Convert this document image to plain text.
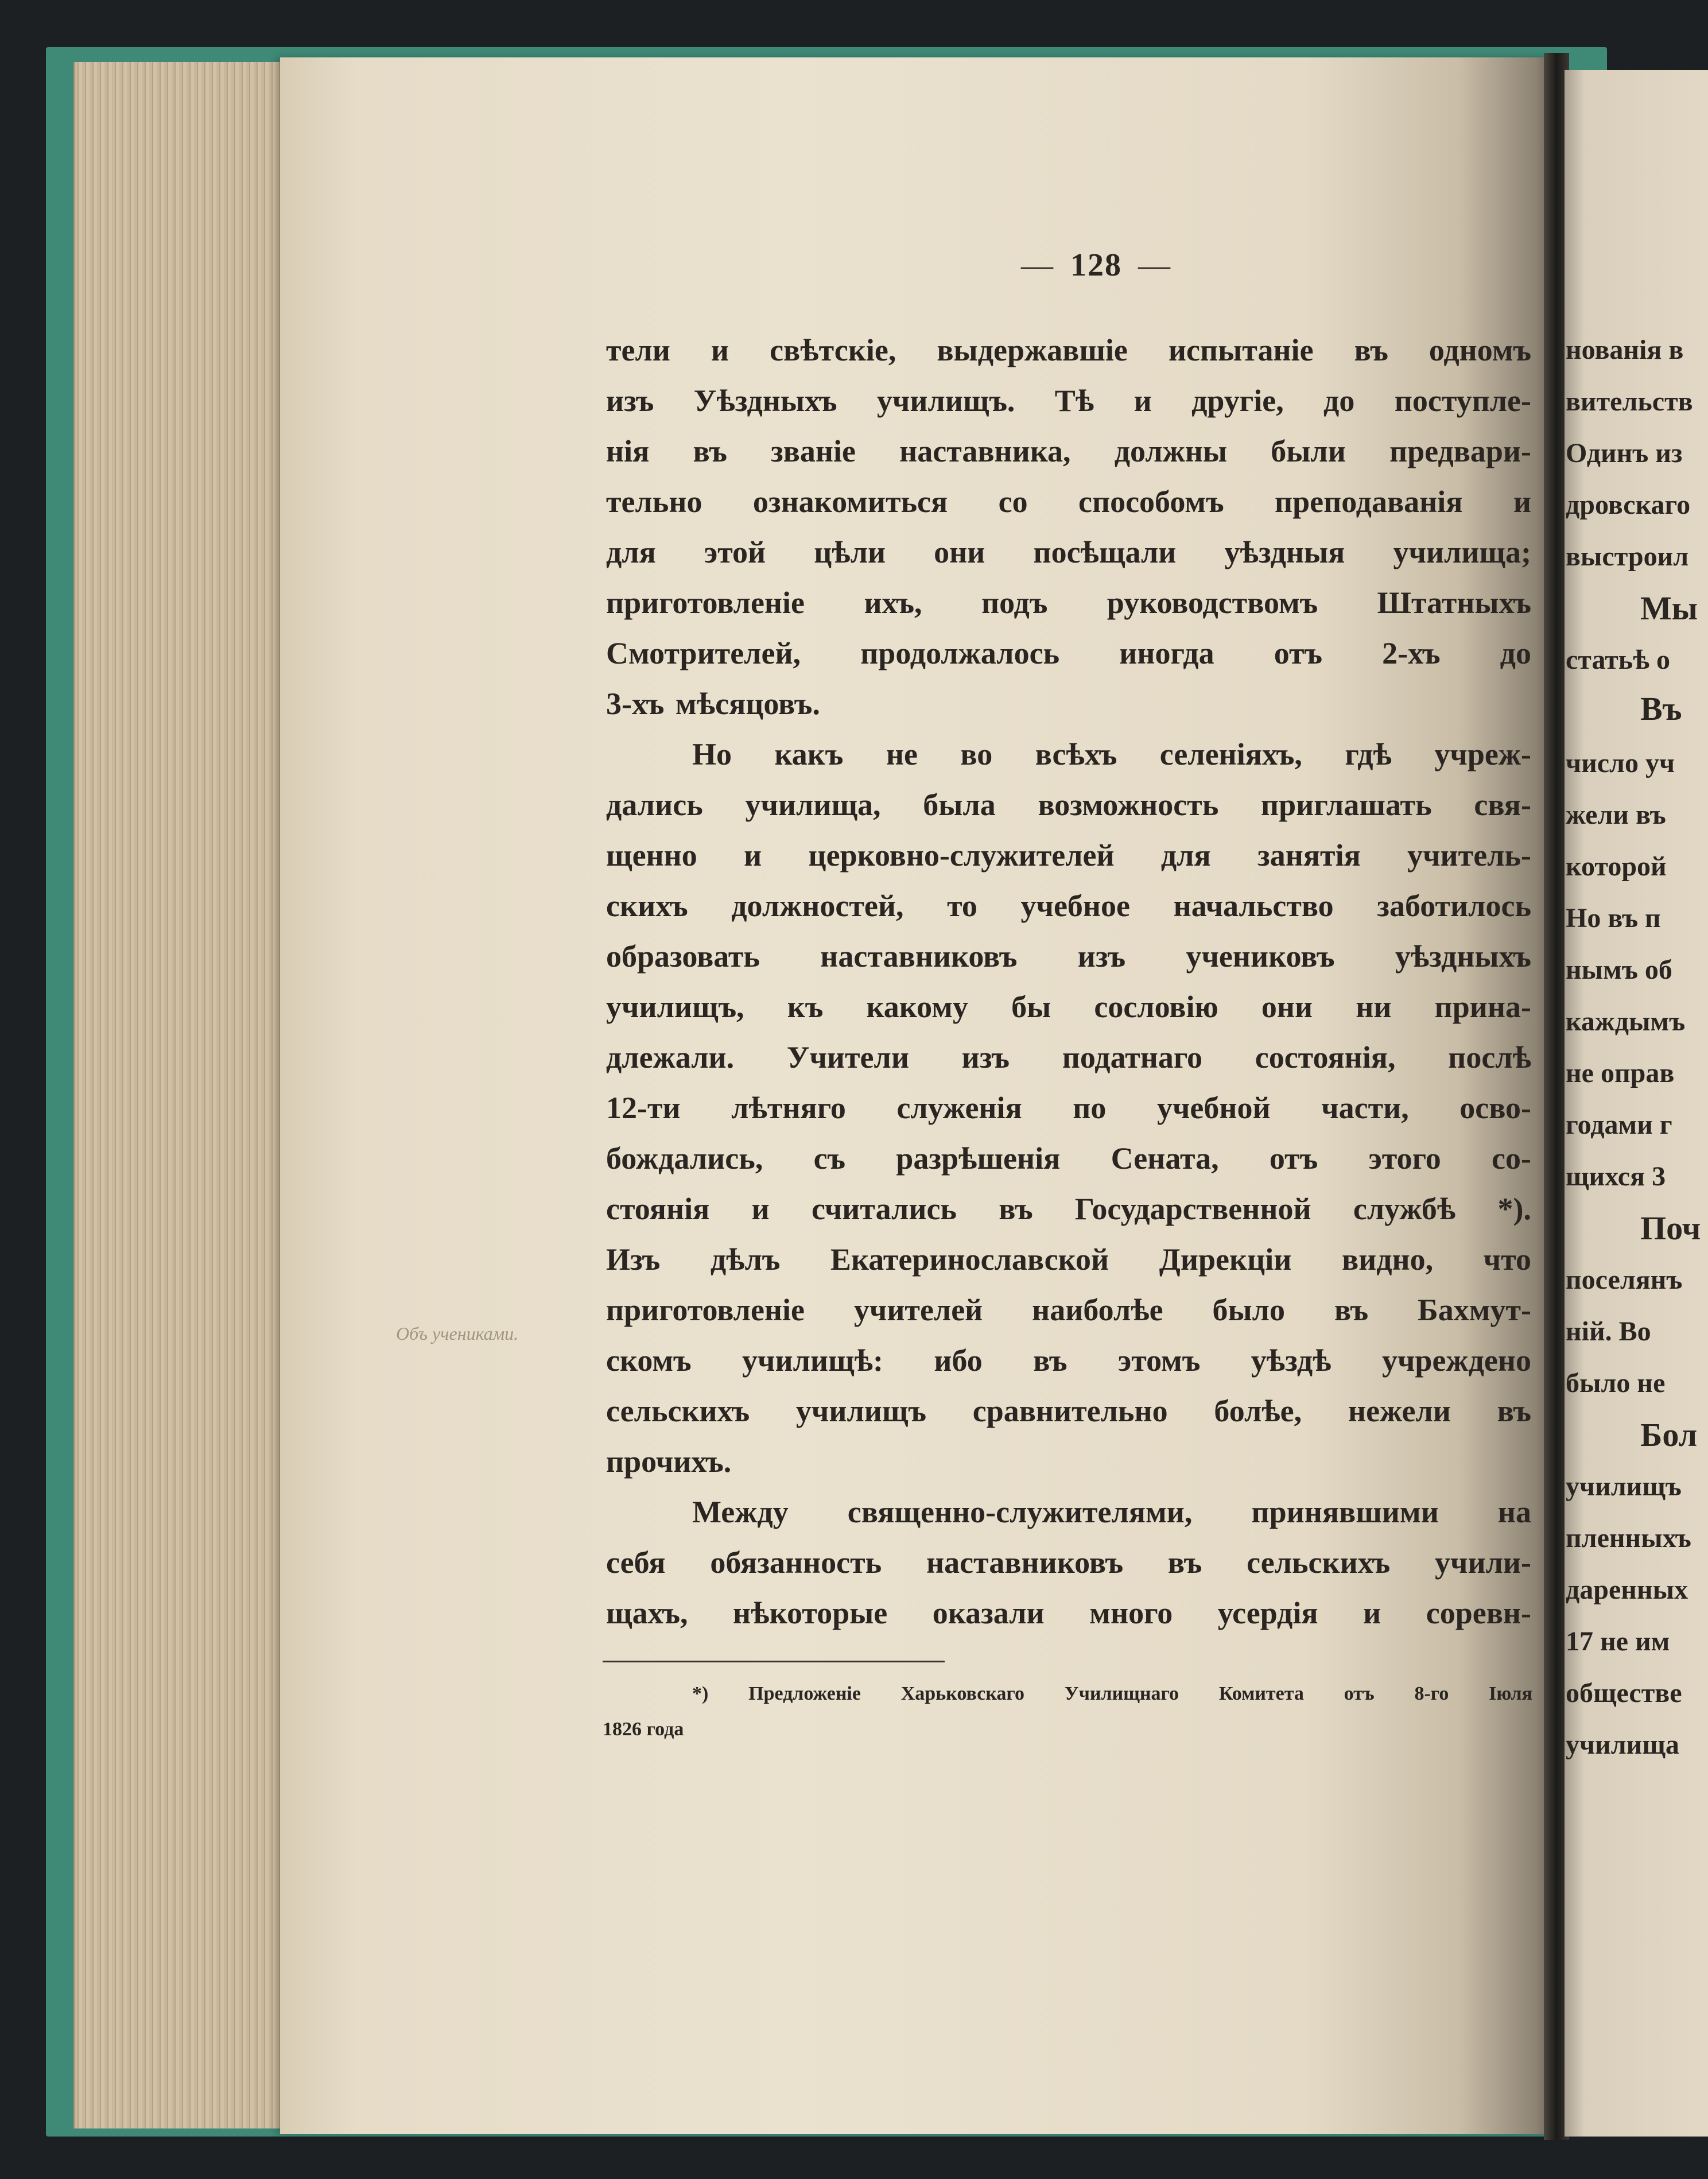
— 128 —
Объ учениками.
тели и свѣтскіе, выдержавшіе испытаніе въ одномъ
изъ Уѣздныхъ училищъ. Тѣ и другіе, до поступле-
нія въ званіе наставника, должны были предвари-
тельно ознакомиться со способомъ преподаванія и
для этой цѣли они посѣщали уѣздныя училища;
приготовленіе ихъ, подъ руководствомъ Штатныхъ
Смотрителей, продолжалось иногда отъ 2-хъ до
3-хъ мѣсяцовъ.
Но какъ не во всѣхъ селеніяхъ, гдѣ учреж-
дались училища, была возможность приглашать свя-
щенно и церковно-служителей для занятія учитель-
скихъ должностей, то учебное начальство заботилось
образовать наставниковъ изъ учениковъ уѣздныхъ
училищъ, къ какому бы сословію они ни прина-
длежали. Учители изъ податнаго состоянія, послѣ
12-ти лѣтняго служенія по учебной части, осво-
бождались, съ разрѣшенія Сената, отъ этого со-
стоянія и считались въ Государственной службѣ *).
Изъ дѣлъ Екатеринославской Дирекціи видно, что
приготовленіе учителей наиболѣе было въ Бахмут-
скомъ училищѣ: ибо въ этомъ уѣздѣ учреждено
сельскихъ училищъ сравнительно болѣе, нежели въ
прочихъ.
Между священно-служителями, принявшими на
себя обязанность наставниковъ въ сельскихъ учили-
щахъ, нѣкоторые оказали много усердія и соревн-
*) Предложеніе Харьковскаго Училищнаго Комитета отъ 8-го Іюля
1826 года
нованія в
вительств
Одинъ из
дровскаго
выстроил
Мы
статьѣ о
Въ
число уч
жели въ
которой
Но въ п
нымъ об
каждымъ
не оправ
годами г
щихся 3
Поч
поселянъ
ній. Во
было не
Бол
училищъ
пленныхъ
даренных
17 не им
обществе
училища
